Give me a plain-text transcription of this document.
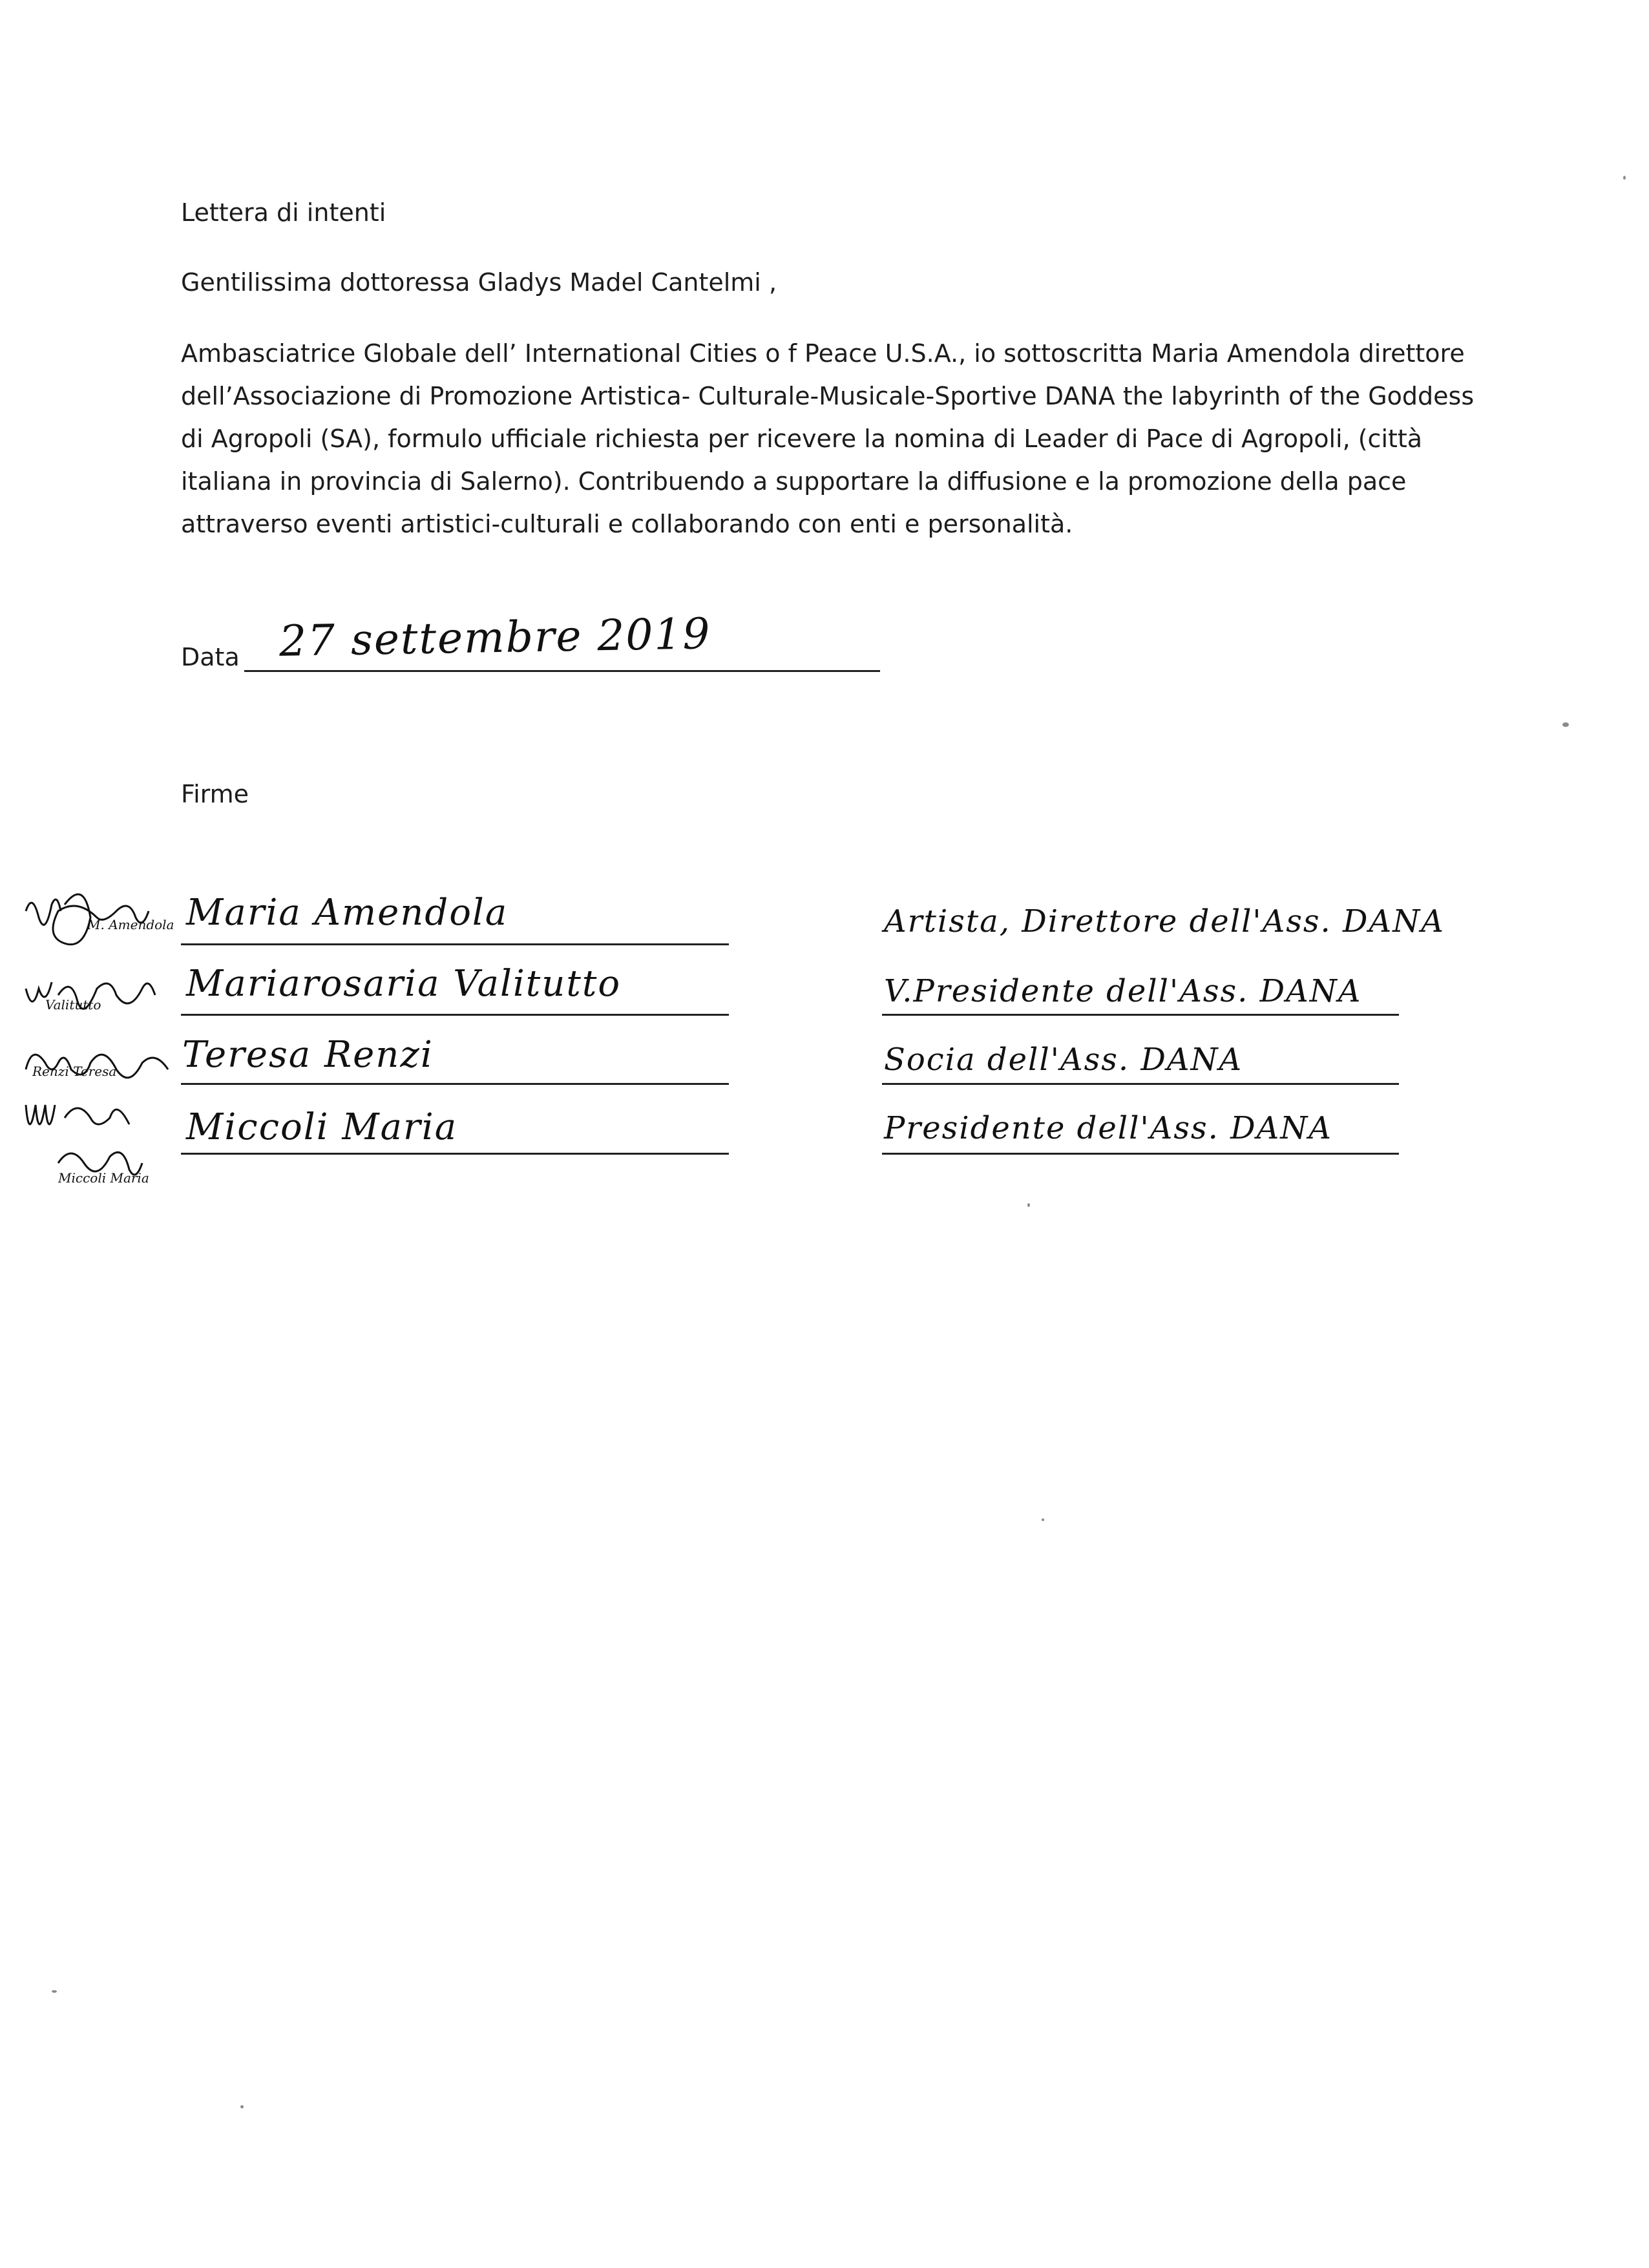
Lettera di intenti
Gentilissima dottoressa Gladys Madel Cantelmi ,
Ambasciatrice Globale dell’ International Cities o f Peace U.S.A., io sottoscritta Maria Amendola direttore
dell’Associazione di Promozione Artistica- Culturale-Musicale-Sportive DANA the labyrinth of the Goddess
di Agropoli (SA), formulo ufficiale richiesta per ricevere la nomina di Leader di Pace di Agropoli, (città
italiana in provincia di Salerno). Contribuendo a supportare la diffusione e la promozione della pace
attraverso eventi artistici-culturali e collaborando con enti e personalità.
Data 27 settembre 2019
Firme
M. Amendola Maria Amendola	Artista, Direttore dell'Ass. DANA
Valitutto Mariarosaria Valitutto	V.Presidente dell'Ass. DANA
Renzi Teresa Teresa Renzi	Socia dell'Ass. DANA
Miccoli Maria
Miccoli Maria	Presidente dell'Ass. DANA
